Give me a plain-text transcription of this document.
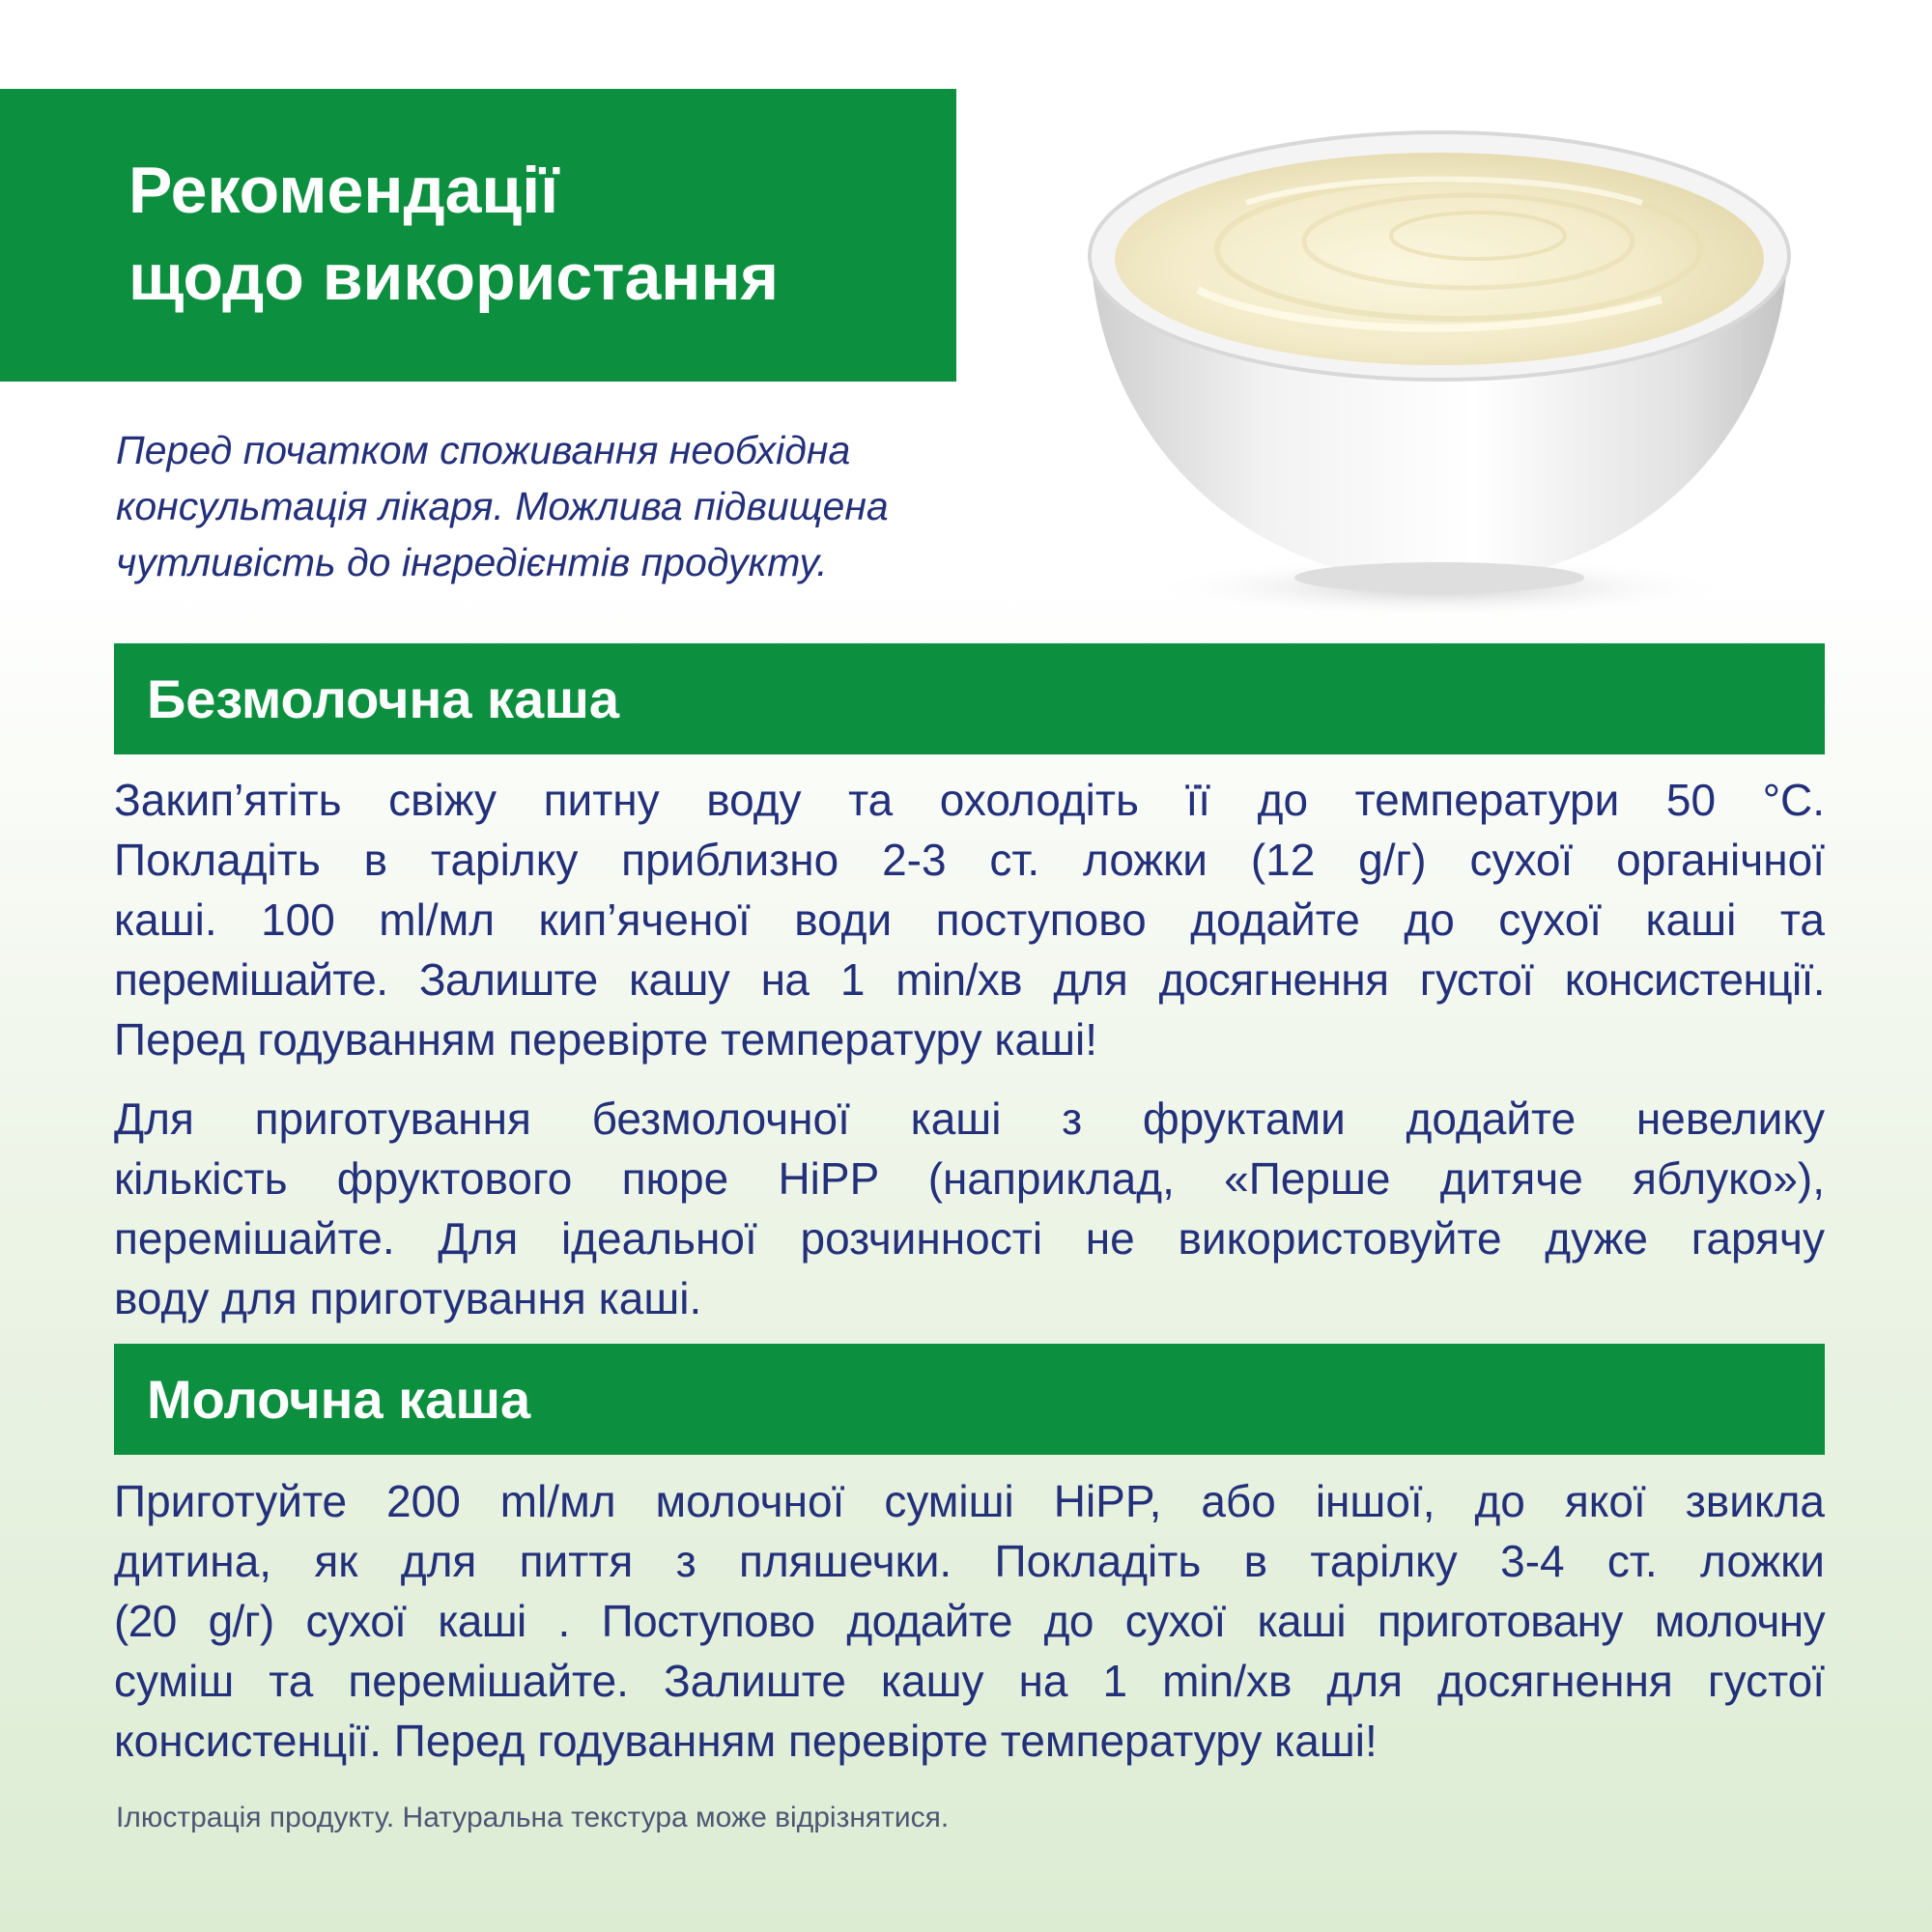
Рекомендації
щодо використання
Перед початком споживання необхідна
консультація лікаря. Можлива підвищена
чутливість до інгредієнтів продукту.
Безмолочна каша
Закип’ятіть свіжу питну воду та охолодіть її до температури 50 °С.
Покладіть в тарілку приблизно 2-3 ст. ложки (12 g/г) сухої органічної
каші. 100 ml/мл кип’яченої води поступово додайте до сухої каші та
перемішайте. Залиште кашу на 1 min/хв для досягнення густої консистенції.
Перед годуванням перевірте температуру каші!
Для приготування безмолочної каші з фруктами додайте невелику
кількість фруктового пюре HiPP (наприклад, «Перше дитяче яблуко»),
перемішайте. Для ідеальної розчинності не використовуйте дуже гарячу
воду для приготування каші.
Молочна каша
Приготуйте 200 ml/мл молочної суміші HiPP, або іншої, до якої звикла
дитина, як для пиття з пляшечки. Покладіть в тарілку 3-4 ст. ложки
(20 g/г) сухої каші . Поступово додайте до сухої каші приготовану молочну
суміш та перемішайте. Залиште кашу на 1 min/хв для досягнення густої
консистенції. Перед годуванням перевірте температуру каші!
Ілюстрація продукту. Натуральна текстура може відрізнятися.
